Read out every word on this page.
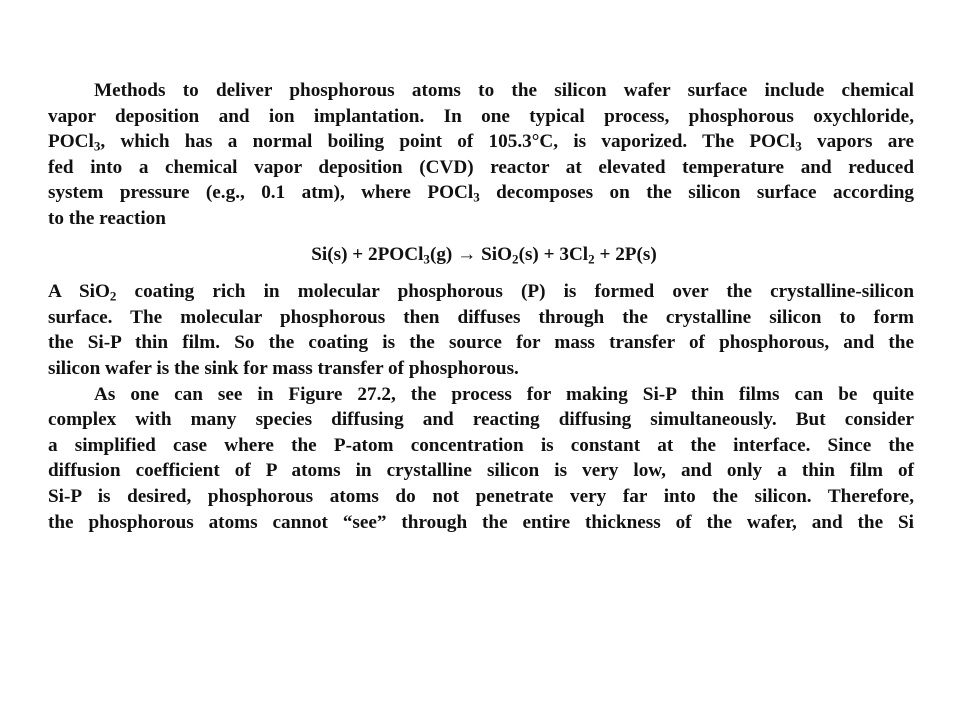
Methods to deliver phosphorous atoms to the silicon wafer surface include chemical
vapor deposition and ion implantation. In one typical process, phosphorous oxychloride,
POCl$_3$, which has a normal boiling point of 105.3°C, is vaporized. The POCl$_3$ vapors are
fed into a chemical vapor deposition (CVD) reactor at elevated temperature and reduced
system pressure (e.g., 0.1 atm), where POCl$_3$ decomposes on the silicon surface according
to the reaction
Si(s) + 2POCl$_3$(g) → $SiO_2(s) + 3Cl_2 + 2P(s)$
A SiO$_2$ coating rich in molecular phosphorous (P) is formed over the crystalline-silicon
surface. The molecular phosphorous then diffuses through the crystalline silicon to form
the Si-P thin film. So the coating is the source for mass transfer of phosphorous, and the
silicon wafer is the sink for mass transfer of phosphorous.
As one can see in Figure 27.2, the process for making Si-P thin films can be quite
complex with many species diffusing and reacting diffusing simultaneously. But consider
a simplified case where the P-atom concentration is constant at the interface. Since the
diffusion coefficient of P atoms in crystalline silicon is very low, and only a thin film of
Si-P is desired, phosphorous atoms do not penetrate very far into the silicon. Therefore,
the phosphorous atoms cannot “see” through the entire thickness of the wafer, and the Si
